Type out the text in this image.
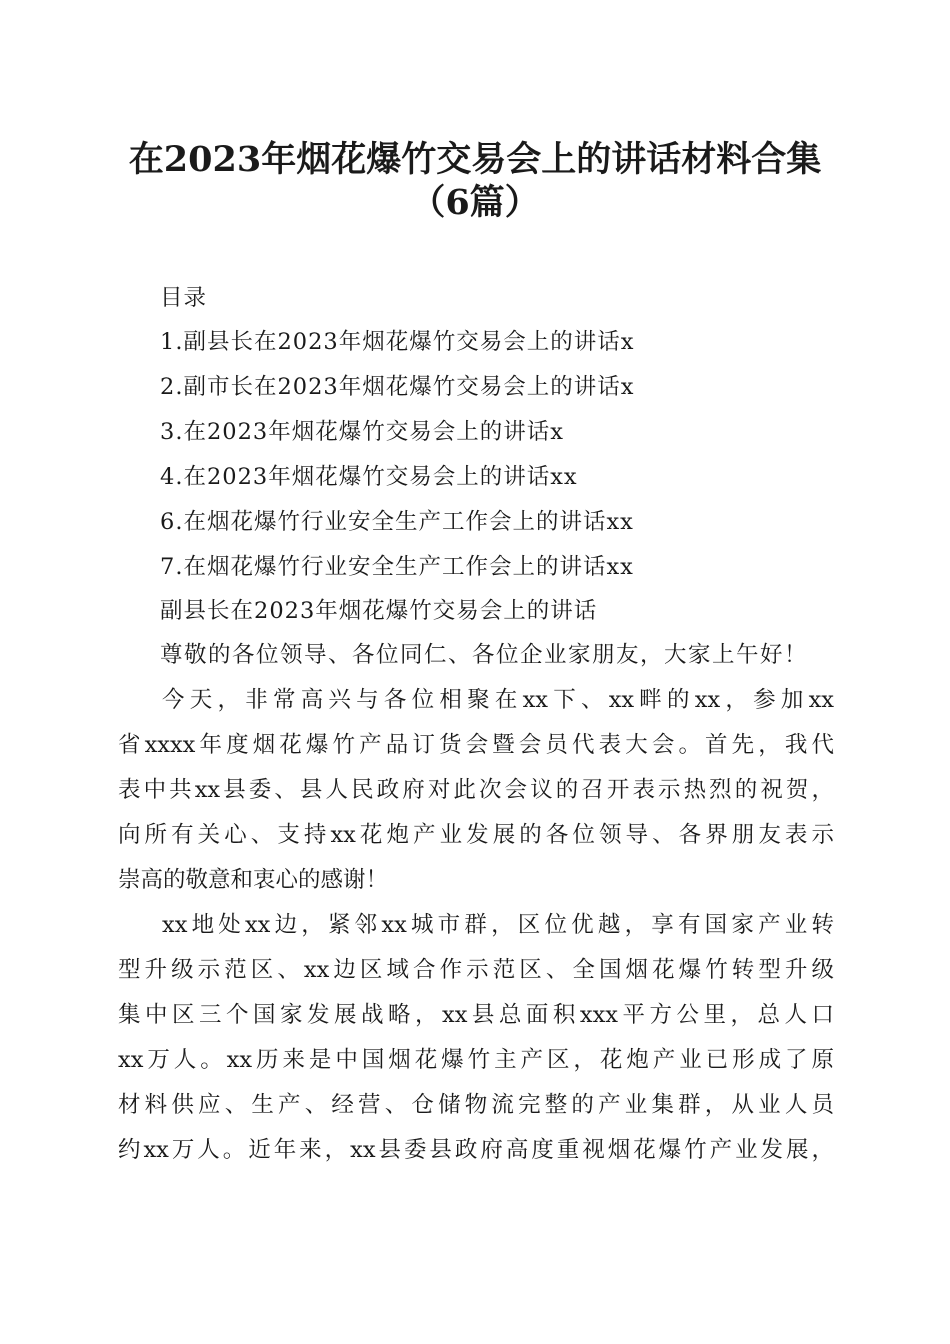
在2023年烟花爆竹交易会上的讲话材料合集
（6篇）
目录
1.副县长在2023年烟花爆竹交易会上的讲话x
2.副市长在2023年烟花爆竹交易会上的讲话x
3.在2023年烟花爆竹交易会上的讲话x
4.在2023年烟花爆竹交易会上的讲话xx
6.在烟花爆竹行业安全生产工作会上的讲话xx
7.在烟花爆竹行业安全生产工作会上的讲话xx
副县长在2023年烟花爆竹交易会上的讲话
尊敬的各位领导、各位同仁、各位企业家朋友，大家上午好！
今天，非常高兴与各位相聚在xx下、xx畔的xx，参加xx
省xxxx年度烟花爆竹产品订货会暨会员代表大会。首先，我代
表中共xx县委、县人民政府对此次会议的召开表示热烈的祝贺，
向所有关心、支持xx花炮产业发展的各位领导、各界朋友表示
崇高的敬意和衷心的感谢！
xx地处xx边，紧邻xx城市群，区位优越，享有国家产业转
型升级示范区、xx边区域合作示范区、全国烟花爆竹转型升级
集中区三个国家发展战略，xx县总面积xxx平方公里，总人口
xx万人。xx历来是中国烟花爆竹主产区，花炮产业已形成了原
材料供应、生产、经营、仓储物流完整的产业集群，从业人员
约xx万人。近年来，xx县委县政府高度重视烟花爆竹产业发展，
